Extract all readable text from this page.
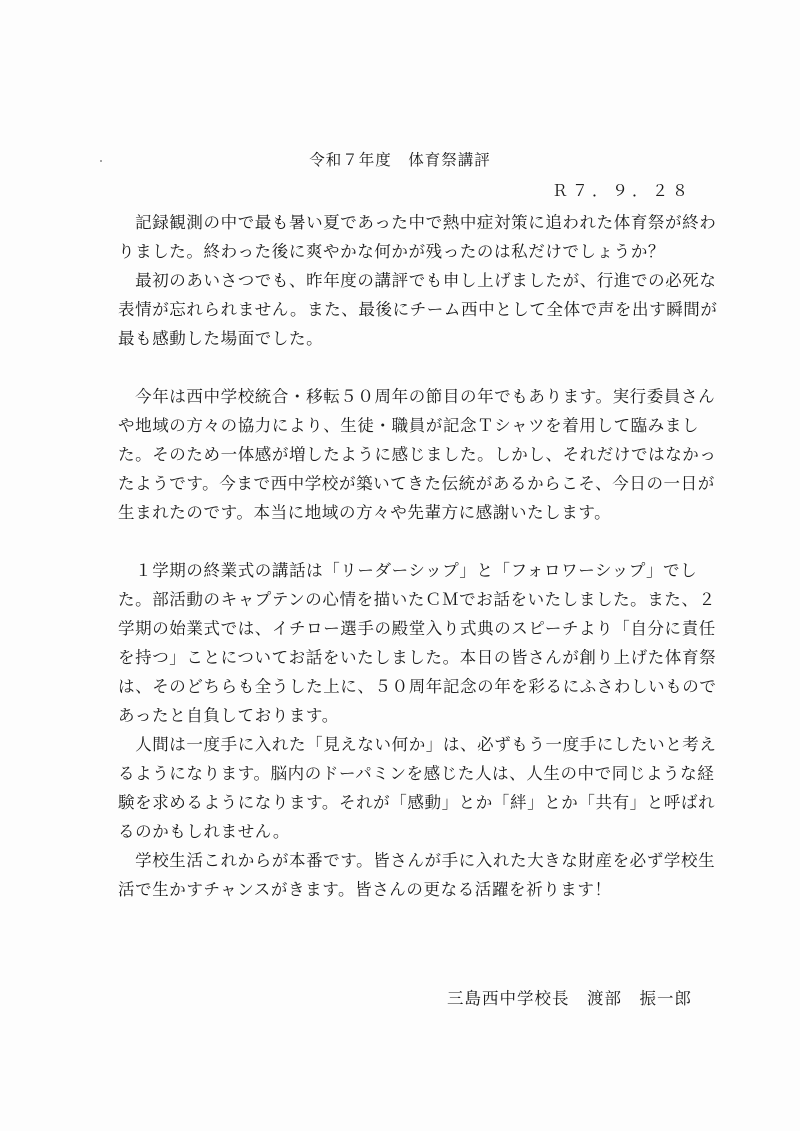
令和７年度　体育祭講評
Ｒ７．９．２８
　記録観測の中で最も暑い夏であった中で熱中症対策に追われた体育祭が終わ
りました。終わった後に爽やかな何かが残ったのは私だけでしょうか？
　最初のあいさつでも、昨年度の講評でも申し上げましたが、行進での必死な
表情が忘れられません。また、最後にチーム西中として全体で声を出す瞬間が
最も感動した場面でした。
　今年は西中学校統合・移転５０周年の節目の年でもあります。実行委員さん
や地域の方々の協力により、生徒・職員が記念Ｔシャツを着用して臨みまし
た。そのため一体感が増したように感じました。しかし、それだけではなかっ
たようです。今まで西中学校が築いてきた伝統があるからこそ、今日の一日が
生まれたのです。本当に地域の方々や先輩方に感謝いたします。
　１学期の終業式の講話は「リーダーシップ」と「フォロワーシップ」でし
た。部活動のキャプテンの心情を描いたＣＭでお話をいたしました。また、２
学期の始業式では、イチロー選手の殿堂入り式典のスピーチより「自分に責任
を持つ」ことについてお話をいたしました。本日の皆さんが創り上げた体育祭
は、そのどちらも全うした上に、５０周年記念の年を彩るにふさわしいもので
あったと自負しております。
　人間は一度手に入れた「見えない何か」は、必ずもう一度手にしたいと考え
るようになります。脳内のドーパミンを感じた人は、人生の中で同じような経
験を求めるようになります。それが「感動」とか「絆」とか「共有」と呼ばれ
るのかもしれません。
　学校生活これからが本番です。皆さんが手に入れた大きな財産を必ず学校生
活で生かすチャンスがきます。皆さんの更なる活躍を祈ります！
三島西中学校長　渡部　振一郎
